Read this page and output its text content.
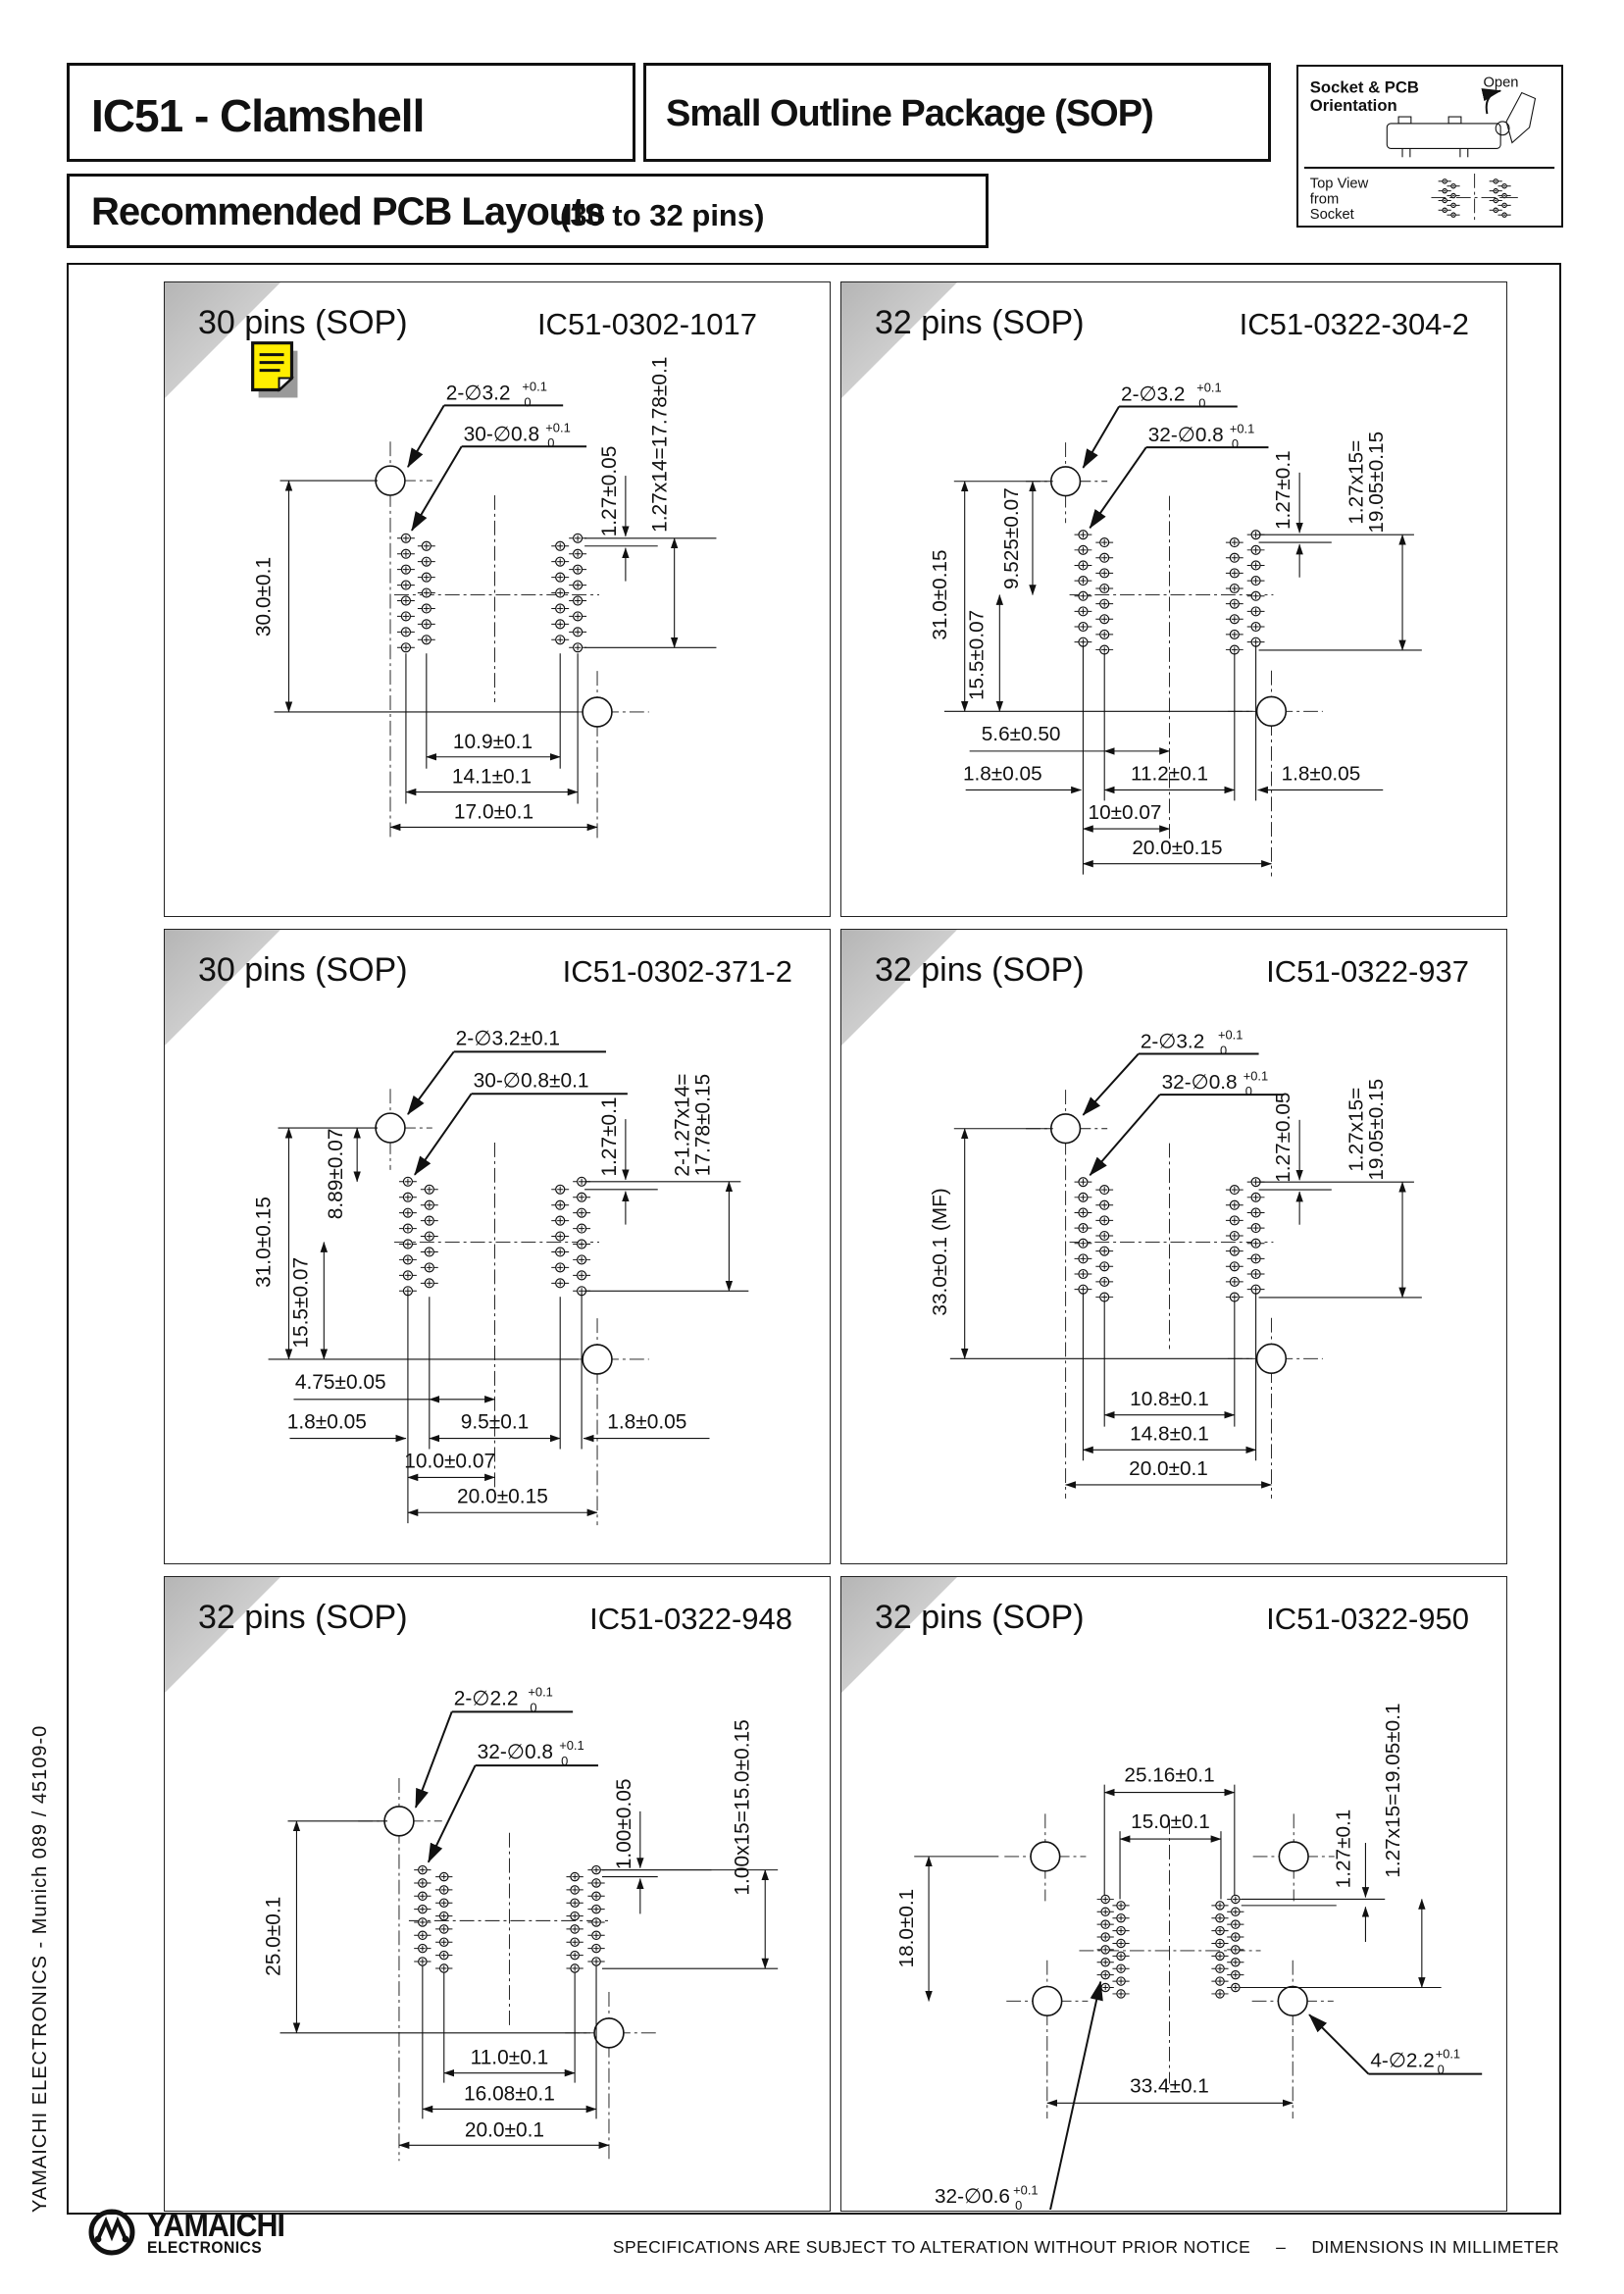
IC51 - Clamshell	Small Outline Package (SOP)
Socket & PCB
Orientation
Open
Top View
from
Socket
Recommended PCB Layouts
(30 to 32 pins)
30 pins (SOP)	IC51-0302-1017
2-∅3.2 +0.1
0
30-∅0.8 +0.1
0
30.0±0.1
1.27±0.05 1.27x14=17.78±0.1
10.9±0.1
14.1±0.1
17.0±0.1
32 pins (SOP)	IC51-0322-304-2
2-∅3.2 +0.1
0
32-∅0.8 +0.1
0
31.0±0.15
9.525±0.07
15.5±0.07
1.27±0.1 1.27x15=
19.05±0.15
5.6±0.50
1.8±0.05	11.2±0.1	1.8±0.05
10±0.07
20.0±0.15
30 pins (SOP)	IC51-0302-371-2
2-∅3.2±0.1
30-∅0.8±0.1
31.0±0.15
8.89±0.07
15.5±0.07
1.27±0.1 2-1.27x14=
17.78±0.15
4.75±0.05
1.8±0.05	9.5±0.1	1.8±0.05
10.0±0.07
20.0±0.15
32 pins (SOP)	IC51-0322-937
2-∅3.2 +0.1
0
32-∅0.8 +0.1
0
33.0±0.1 (MF)
1.27±0.05 1.27x15=
19.05±0.15
10.8±0.1
14.8±0.1
20.0±0.1
32 pins (SOP)	IC51-0322-948
2-∅2.2 +0.1
0
32-∅0.8 +0.1
0
25.0±0.1
1.00±0.05	1.00x15=15.0±0.15
11.0±0.1
16.08±0.1
20.0±0.1
32 pins (SOP)	IC51-0322-950
4-∅2.2 +0.1
0
32-∅0.6 +0.1
0
18.0±0.1
25.16±0.1
15.0±0.1	1.27±0.1 1.27x15=19.05±0.1
33.4±0.1
YAMAICHI ELECTRONICS - Munich 089 / 45109-0
YAMAICHI
ELECTRONICS	SPECIFICATIONS ARE SUBJECT TO ALTERATION WITHOUT PRIOR NOTICE – DIMENSIONS IN MILLIMETER
